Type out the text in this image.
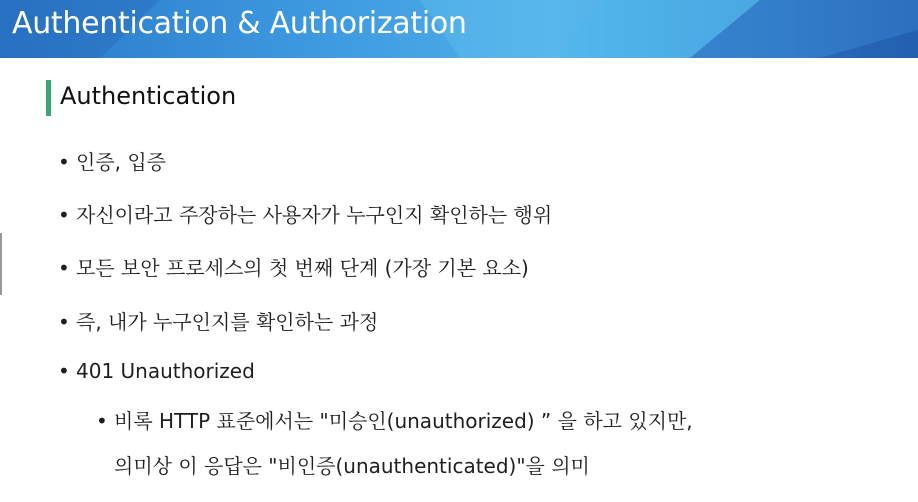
Authentication & Authorization
Authentication
• 인증, 입증
• 자신이라고 주장하는 사용자가 누구인지 확인하는 행위
• 모든 보안 프로세스의 첫 번째 단계 (가장 기본 요소)
• 즉, 내가 누구인지를 확인하는 과정
• 401 Unauthorized
• 비록 HTTP 표준에서는 "미승인(unauthorized) ” 을 하고 있지만,
의미상 이 응답은 "비인증(unauthenticated)"을 의미
